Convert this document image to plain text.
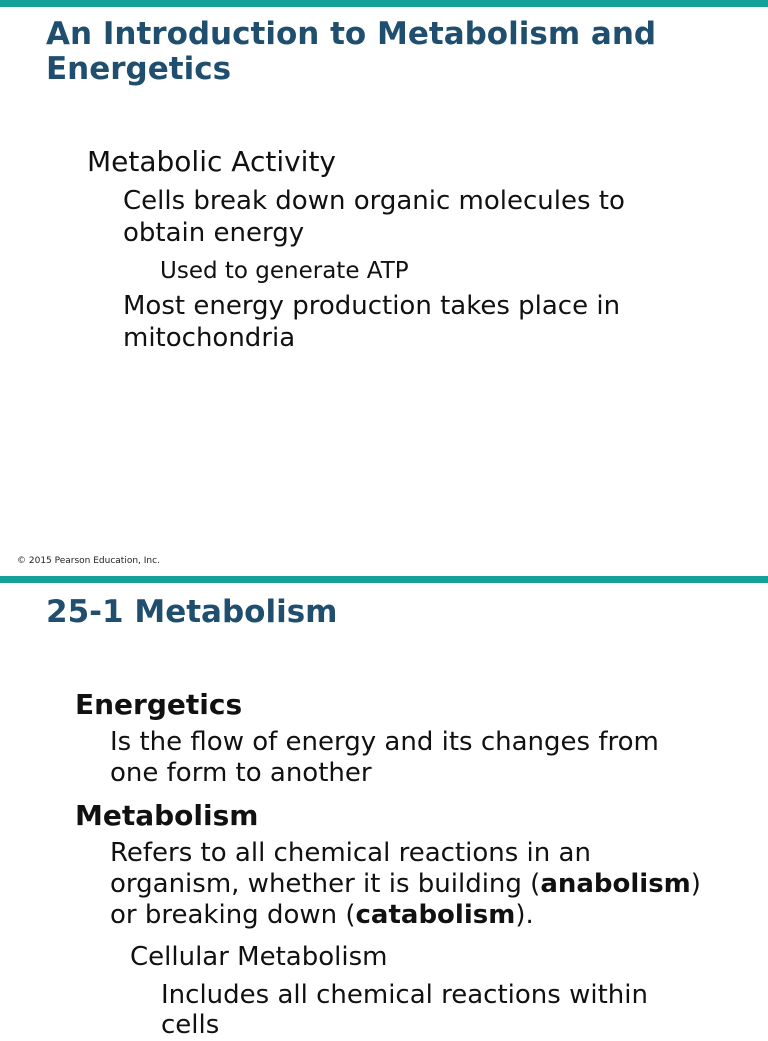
An Introduction to Metabolism and Energetics

Metabolic Activity

Cells break down organic molecules to

obtain energy

Used to generate ATP

Most energy production takes place in

mitochondria

© 2015 Pearson Education, Inc.
25-1 Metabolism

Energetics

Is the flow of energy and its changes from

one form to another

Metabolism

Refers to all chemical reactions in an

organism, whether it is building (anabolism)

or breaking down (catabolism).

Cellular Metabolism

Includes all chemical reactions within

cells
